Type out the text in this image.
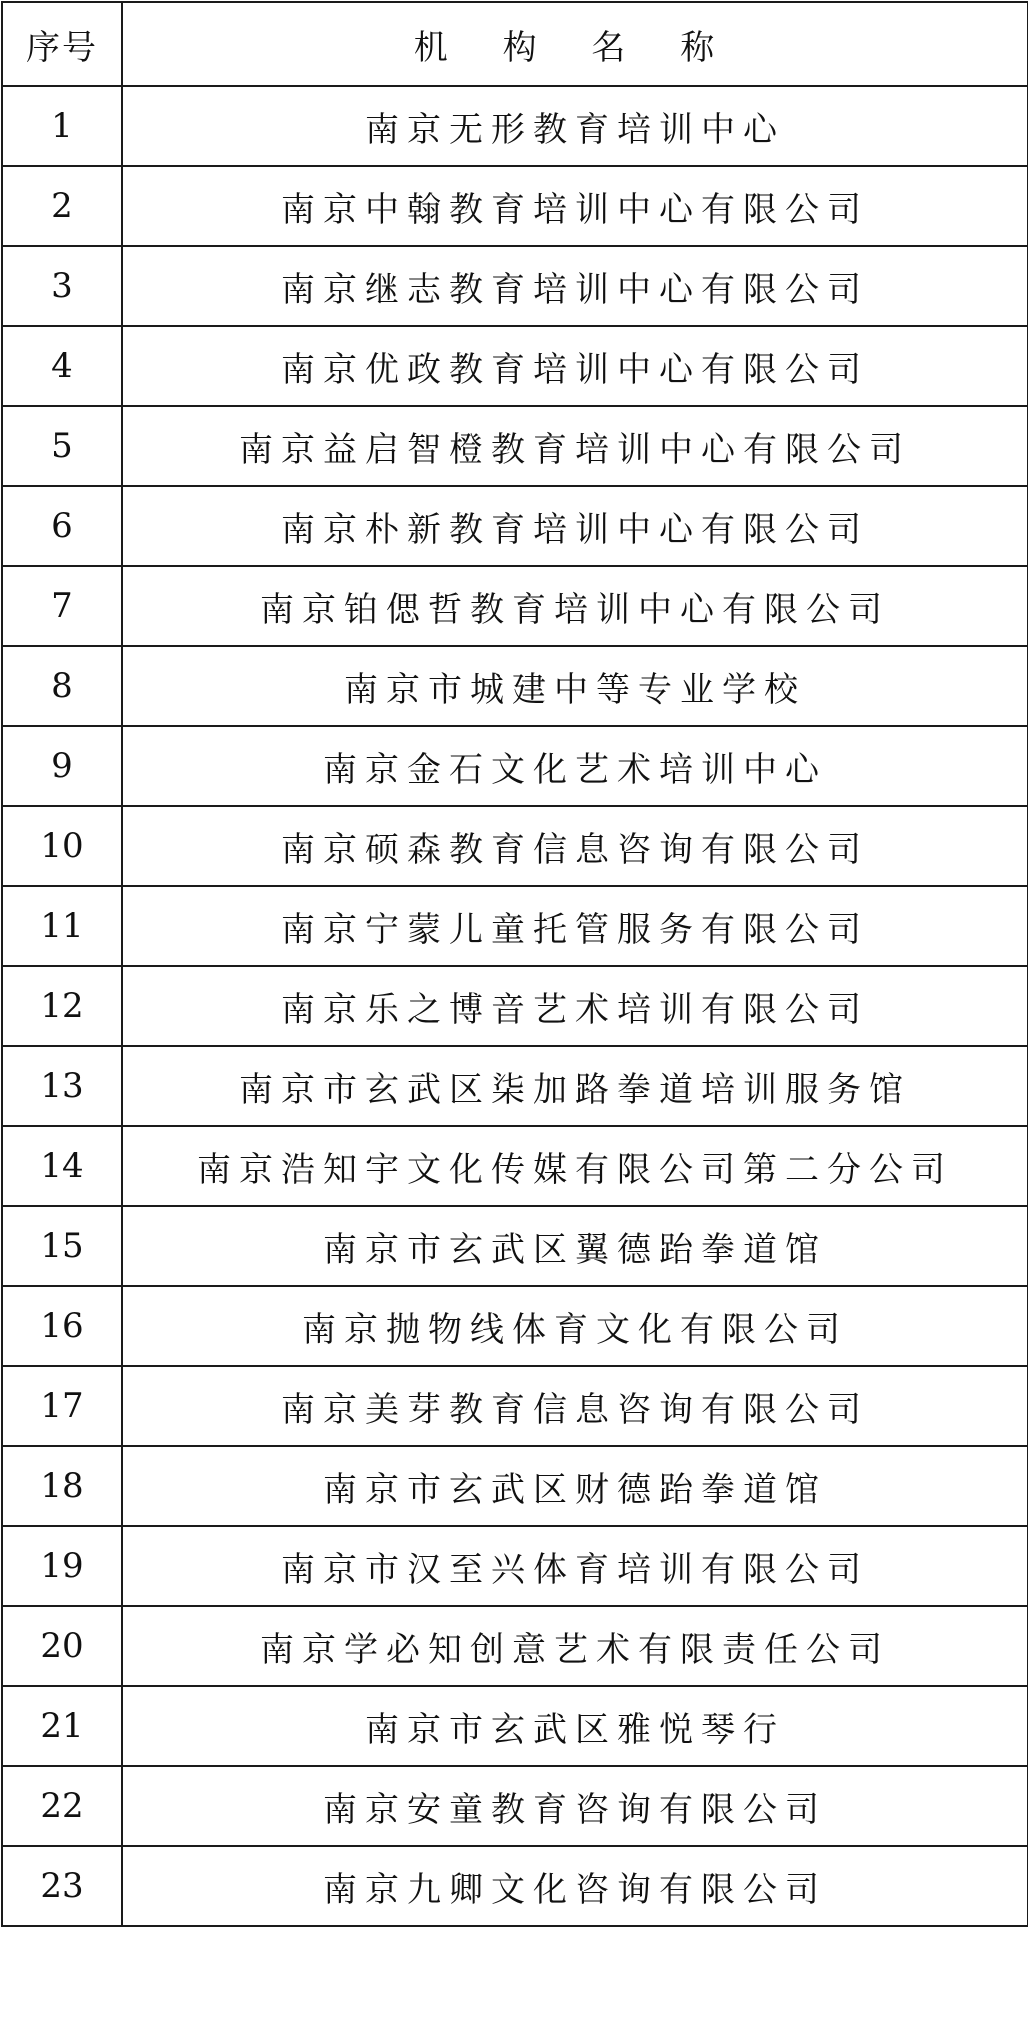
序号	机 构 名 称
1	南京无形教育培训中心
2	南京中翰教育培训中心有限公司
3	南京继志教育培训中心有限公司
4	南京优政教育培训中心有限公司
5	南京益启智橙教育培训中心有限公司
6	南京朴新教育培训中心有限公司
7	南京铂偲哲教育培训中心有限公司
8	南京市城建中等专业学校
9	南京金石文化艺术培训中心
10	南京硕森教育信息咨询有限公司
11	南京宁蒙儿童托管服务有限公司
12	南京乐之博音艺术培训有限公司
13	南京市玄武区柒加路拳道培训服务馆
14	南京浩知宇文化传媒有限公司第二分公司
15	南京市玄武区翼德跆拳道馆
16	南京抛物线体育文化有限公司
17	南京美芽教育信息咨询有限公司
18	南京市玄武区财德跆拳道馆
19	南京市汉至兴体育培训有限公司
20	南京学必知创意艺术有限责任公司
21	南京市玄武区雅悦琴行
22	南京安童教育咨询有限公司
23	南京九卿文化咨询有限公司
